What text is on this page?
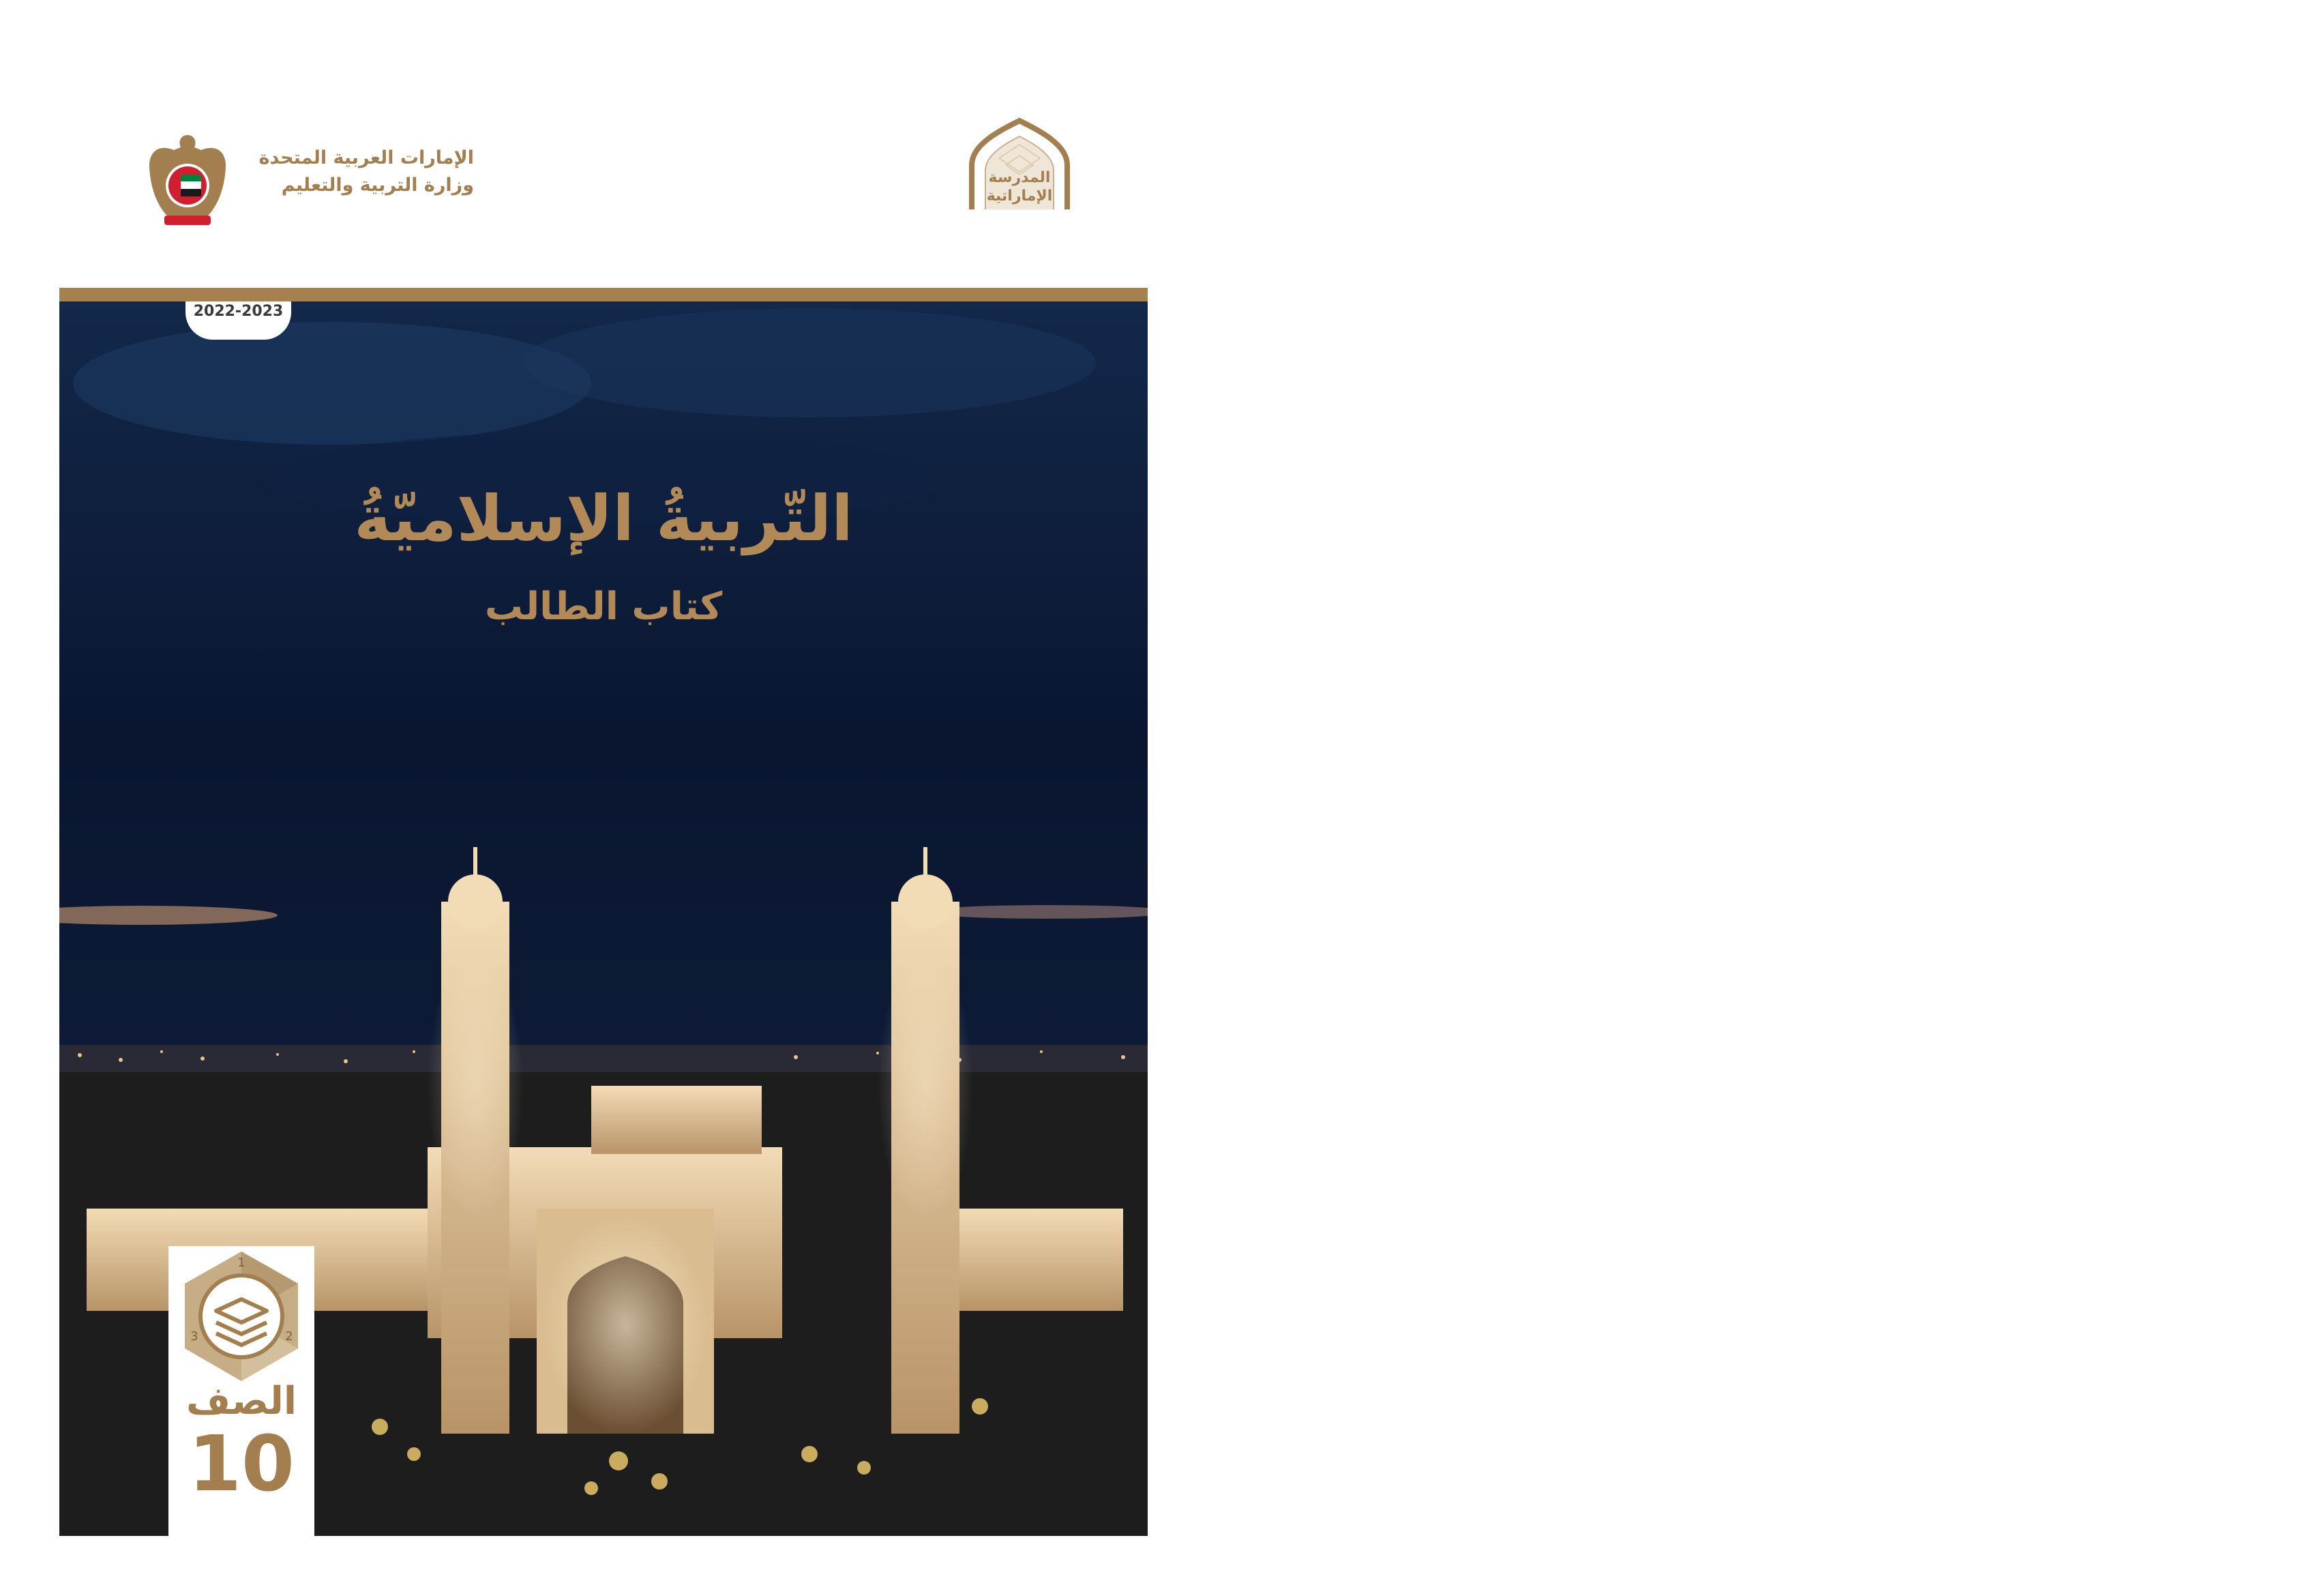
الإمارات العربية المتحدة
وزارة التربية والتعليم	المدرسة
الإماراتية
2022-2023
التّربيةُ الإسلاميّةُ
كتاب الطالب
1
2
3
الصف
10
